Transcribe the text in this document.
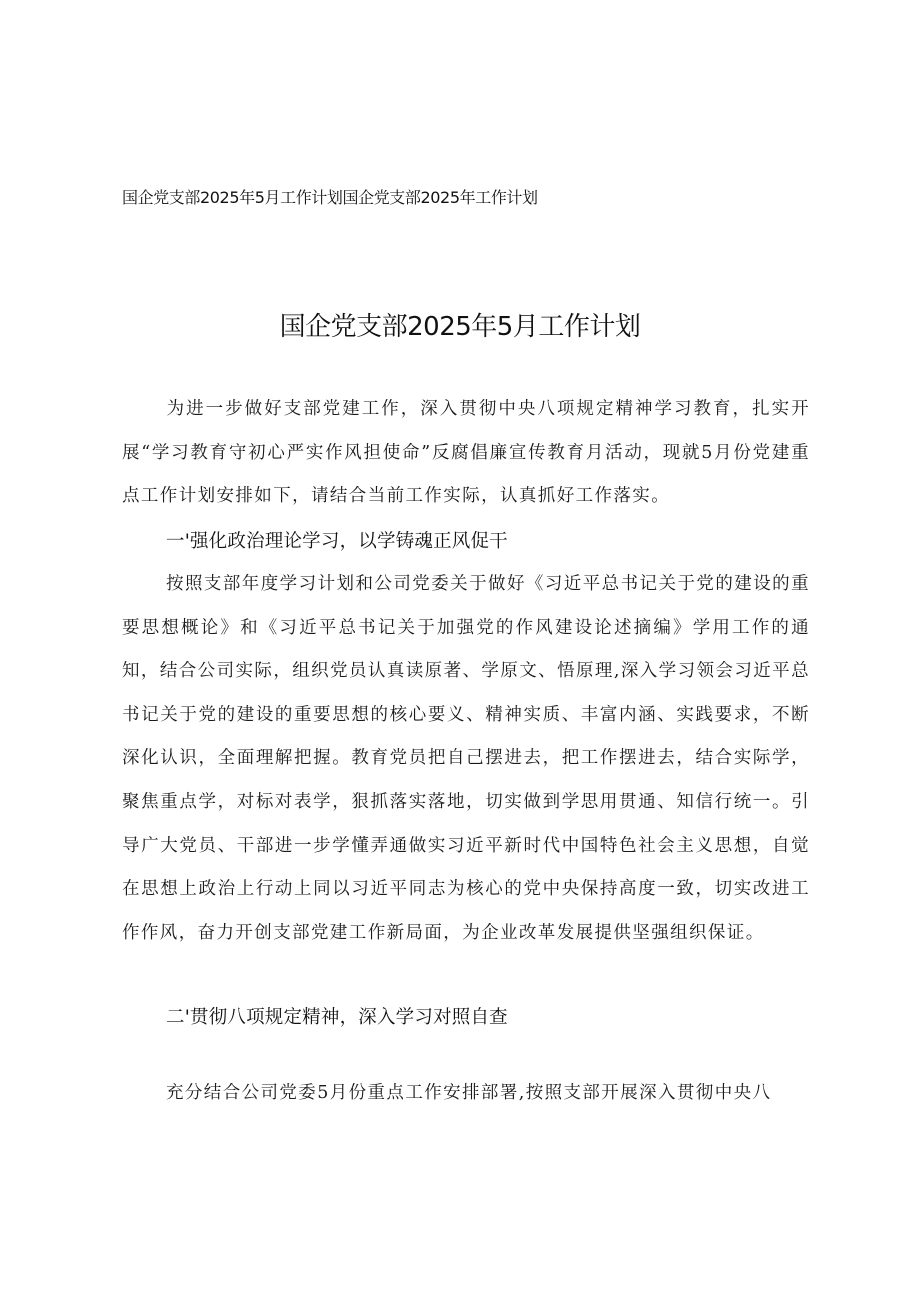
国企党支部2025年5月工作计划国企党支部2025年工作计划
国企党支部2025年5月工作计划
为进一步做好支部党建工作，深入贯彻中央八项规定精神学习教育，扎实开展“学习教育守初心严实作风担使命”反腐倡廉宣传教育月活动，现就5月份党建重点工作计划安排如下，请结合当前工作实际，认真抓好工作落实。
一'强化政治理论学习，以学铸魂正风促干
按照支部年度学习计划和公司党委关于做好《习近平总书记关于党的建设的重要思想概论》和《习近平总书记关于加强党的作风建设论述摘编》学用工作的通知，结合公司实际，组织党员认真读原著、学原文、悟原理,深入学习领会习近平总书记关于党的建设的重要思想的核心要义、精神实质、丰富内涵、实践要求，不断深化认识，全面理解把握。教育党员把自己摆进去，把工作摆进去，结合实际学，聚焦重点学，对标对表学，狠抓落实落地，切实做到学思用贯通、知信行统一。引导广大党员、干部进一步学懂弄通做实习近平新时代中国特色社会主义思想，自觉在思想上政治上行动上同以习近平同志为核心的党中央保持高度一致，切实改进工作作风，奋力开创支部党建工作新局面，为企业改革发展提供坚强组织保证。
二'贯彻八项规定精神，深入学习对照自查
充分结合公司党委5月份重点工作安排部署,按照支部开展深入贯彻中央八
